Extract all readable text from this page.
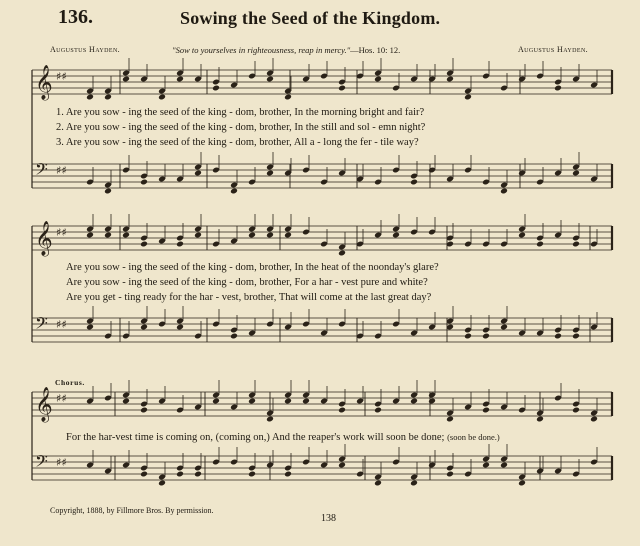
136.	Sowing the Seed of the Kingdom.
Augustus Hayden.	"Sow to yourselves in righteousness, reap in mercy."—Hos. 10: 12.	Augustus Hayden.
𝄞 ♯♯
𝄢 ♯♯
𝄞 ♯♯
𝄢 ♯♯
𝄞 ♯♯
𝄢 ♯♯
1. Are you sow - ing the seed of the king - dom, brother, In the morning bright and fair?
2. Are you sow - ing the seed of the king - dom, brother, In the still and sol - emn night?
3. Are you sow - ing the seed of the king - dom, brother, All a - long the fer - tile way?
Are you sow - ing the seed of the king - dom, brother, In the heat of the noonday's glare?
Are you sow - ing the seed of the king - dom, brother, For a har - vest pure and white?
Are you get - ting ready for the har - vest, brother, That will come at the last great day?
Chorus.
For the har-vest time is coming on, (coming on,) And the reaper's work will soon be done; (soon be done.)
Copyright, 1888, by Fillmore Bros. By permission.
138
